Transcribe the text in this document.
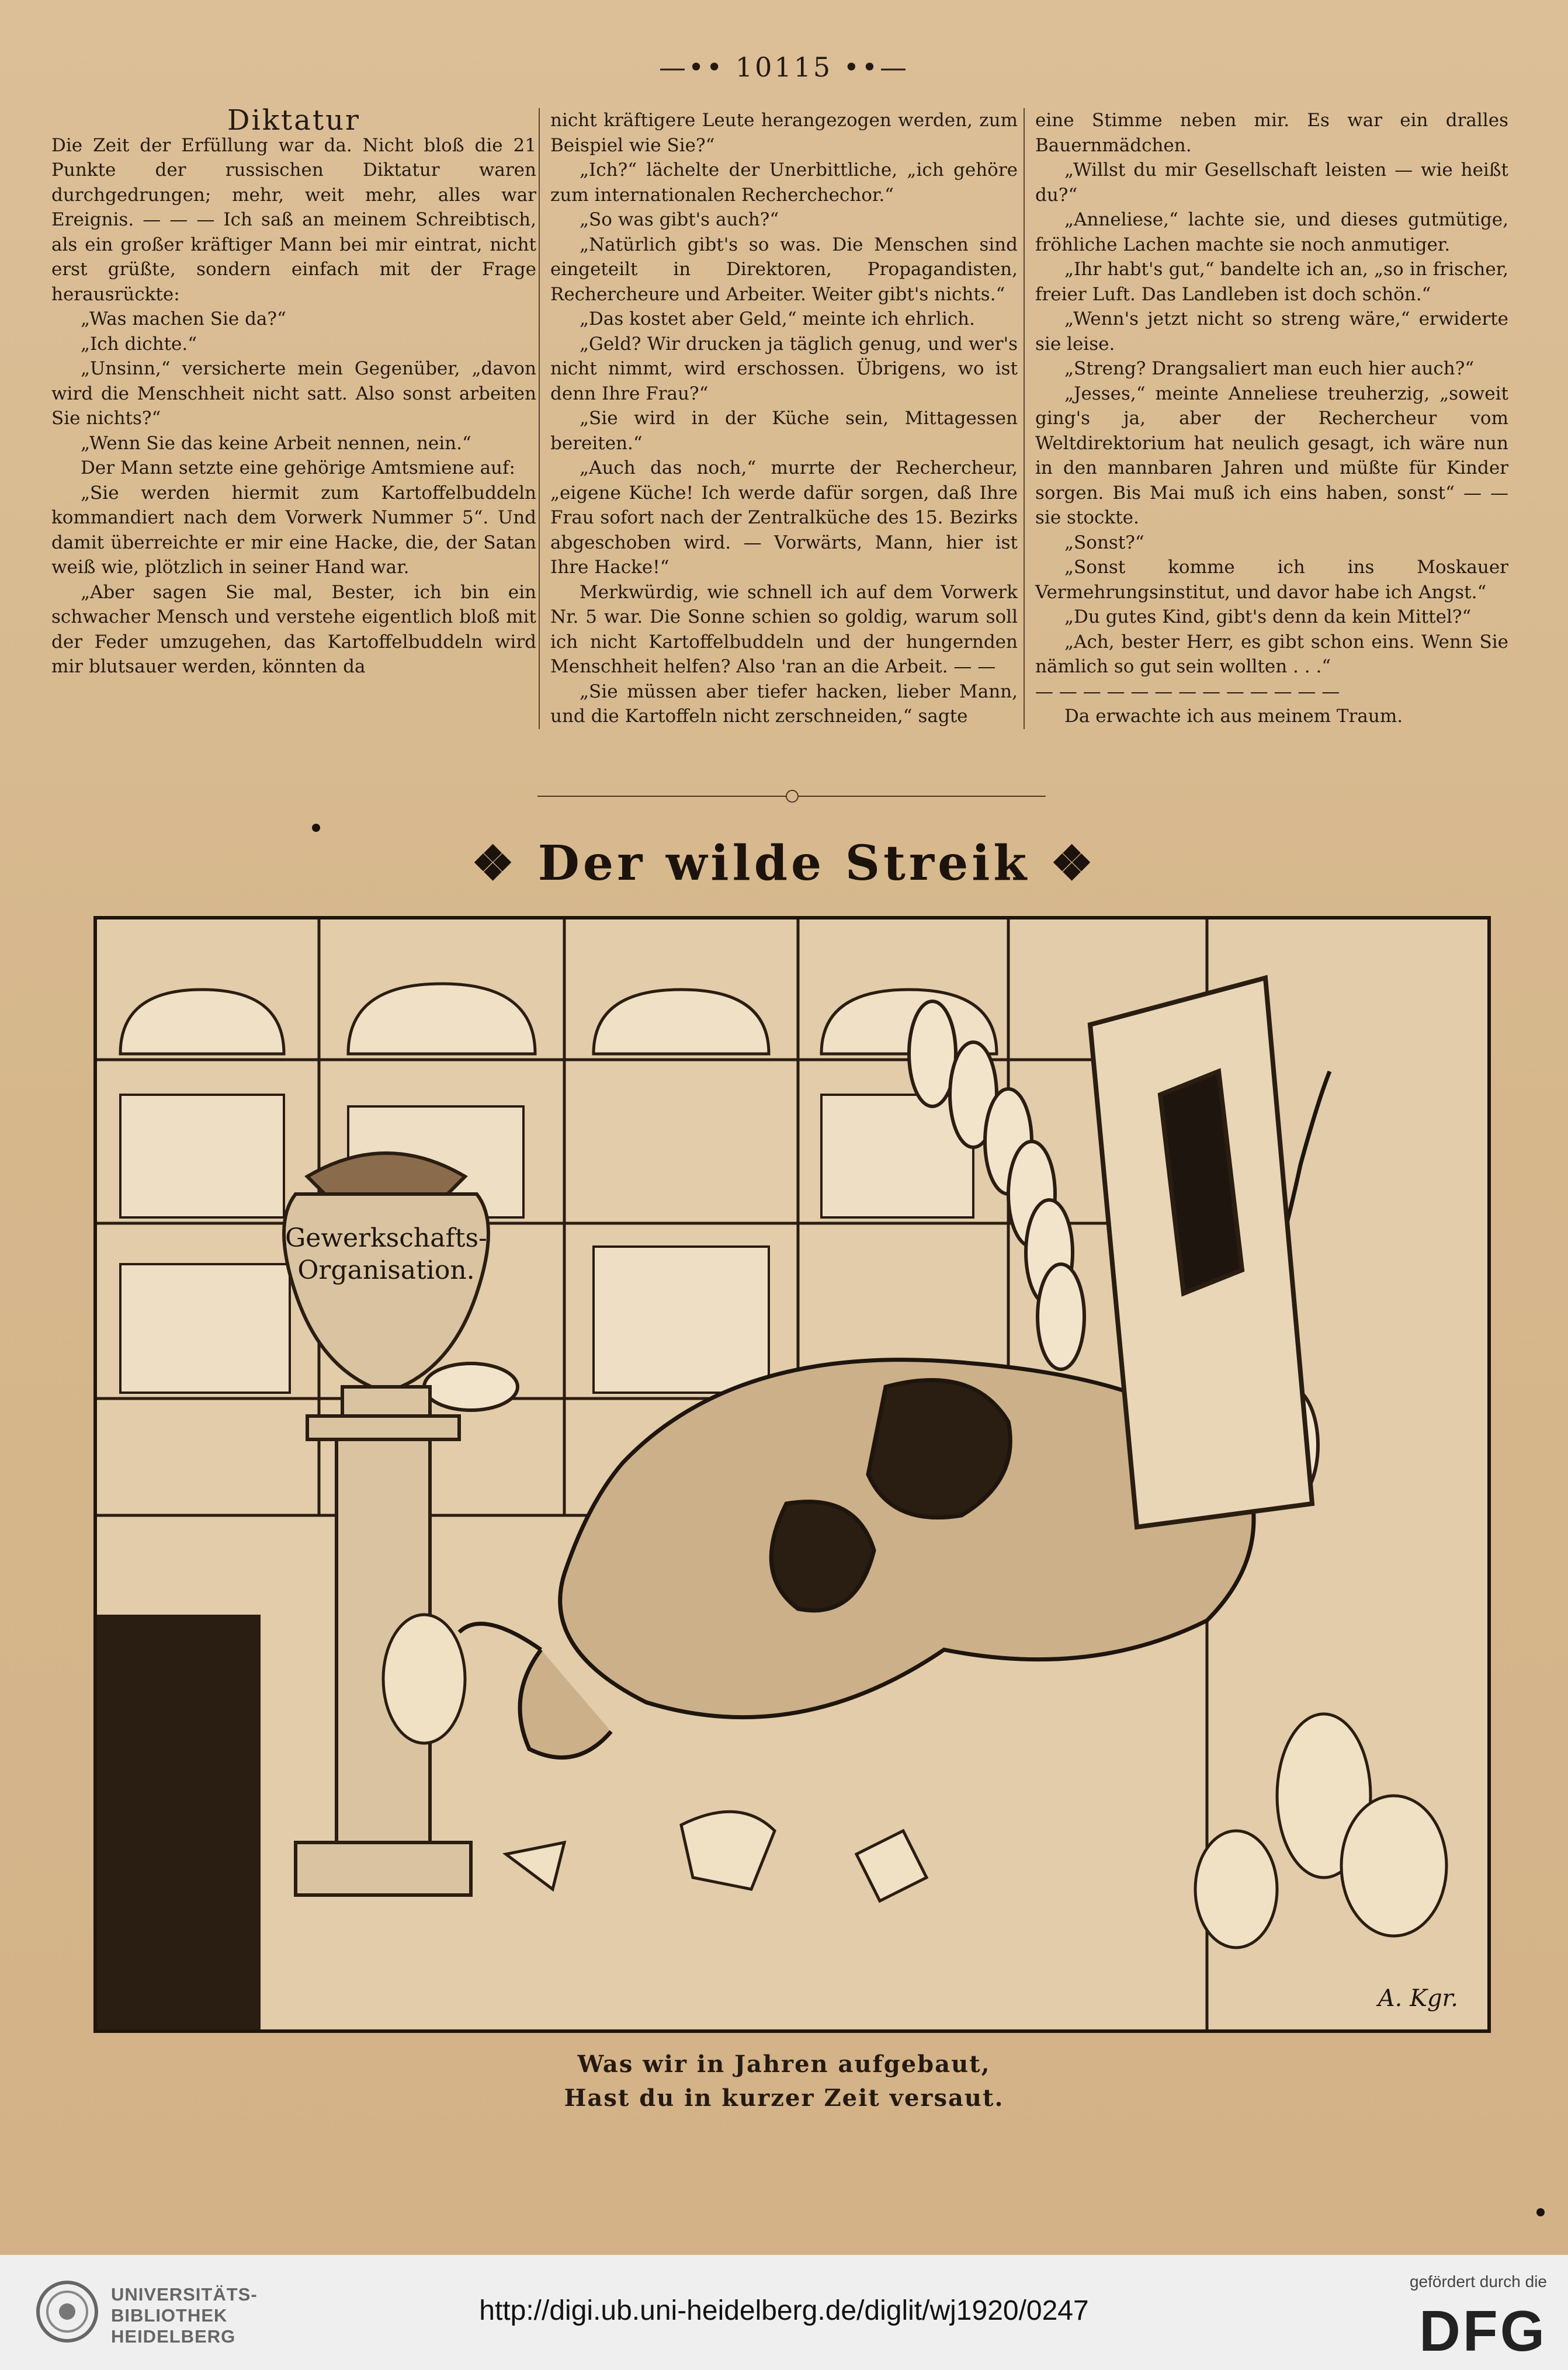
—•• 10115 ••—

Diktatur

Die Zeit der Erfüllung war da. Nicht bloß die 21 Punkte der russischen Diktatur waren durchgedrungen; mehr, weit mehr, alles war Ereignis. — — — Ich saß an meinem Schreibtisch, als ein großer kräftiger Mann bei mir eintrat, nicht erst grüßte, sondern einfach mit der Frage herausrückte:

„Was machen Sie da?“

„Ich dichte.“

„Unsinn,“ versicherte mein Gegenüber, „davon wird die Menschheit nicht satt. Also sonst arbeiten Sie nichts?“

„Wenn Sie das keine Arbeit nennen, nein.“

Der Mann setzte eine gehörige Amtsmiene auf:

„Sie werden hiermit zum Kartoffelbuddeln kommandiert nach dem Vorwerk Nummer 5“. Und damit überreichte er mir eine Hacke, die, der Satan weiß wie, plötzlich in seiner Hand war.

„Aber sagen Sie mal, Bester, ich bin ein schwacher Mensch und verstehe eigentlich bloß mit der Feder umzugehen, das Kartoffelbuddeln wird mir blutsauer werden, könnten da

nicht kräftigere Leute herangezogen werden, zum Beispiel wie Sie?“

„Ich?“ lächelte der Unerbittliche, „ich gehöre zum internationalen Recherchechor.“

„So was gibt's auch?“

„Natürlich gibt's so was. Die Menschen sind eingeteilt in Direktoren, Propagandisten, Rechercheure und Arbeiter. Weiter gibt's nichts.“

„Das kostet aber Geld,“ meinte ich ehrlich.

„Geld? Wir drucken ja täglich genug, und wer's nicht nimmt, wird erschossen. Übrigens, wo ist denn Ihre Frau?“

„Sie wird in der Küche sein, Mittagessen bereiten.“

„Auch das noch,“ murrte der Rechercheur, „eigene Küche! Ich werde dafür sorgen, daß Ihre Frau sofort nach der Zentralküche des 15. Bezirks abgeschoben wird. — Vorwärts, Mann, hier ist Ihre Hacke!“

Merkwürdig, wie schnell ich auf dem Vorwerk Nr. 5 war. Die Sonne schien so goldig, warum soll ich nicht Kartoffelbuddeln und der hungernden Menschheit helfen? Also 'ran an die Arbeit. — —

„Sie müssen aber tiefer hacken, lieber Mann, und die Kartoffeln nicht zerschneiden,“ sagte

eine Stimme neben mir. Es war ein dralles Bauernmädchen.

„Willst du mir Gesellschaft leisten — wie heißt du?“

„Anneliese,“ lachte sie, und dieses gutmütige, fröhliche Lachen machte sie noch anmutiger.

„Ihr habt's gut,“ bandelte ich an, „so in frischer, freier Luft. Das Landleben ist doch schön.“

„Wenn's jetzt nicht so streng wäre,“ erwiderte sie leise.

„Streng? Drangsaliert man euch hier auch?“

„Jesses,“ meinte Anneliese treuherzig, „soweit ging's ja, aber der Rechercheur vom Weltdirektorium hat neulich gesagt, ich wäre nun in den mannbaren Jahren und müßte für Kinder sorgen. Bis Mai muß ich eins haben, sonst“ — — sie stockte.

„Sonst?“

„Sonst komme ich ins Moskauer Vermehrungsinstitut, und davor habe ich Angst.“

„Du gutes Kind, gibt's denn da kein Mittel?“

„Ach, bester Herr, es gibt schon eins. Wenn Sie nämlich so gut sein wollten . . .“

— — — — — — — — — — — — —

Da erwachte ich aus meinem Traum.

❖ Der wilde Streik ❖
Gewerkschafts-
Organisation.
A. Kgr.
Was wir in Jahren aufgebaut,
Hast du in kurzer Zeit versaut.
UNIVERSITÄTS-
BIBLIOTHEK
HEIDELBERG
http://digi.ub.uni-heidelberg.de/diglit/wj1920/0247
gefördert durch die
DFG
